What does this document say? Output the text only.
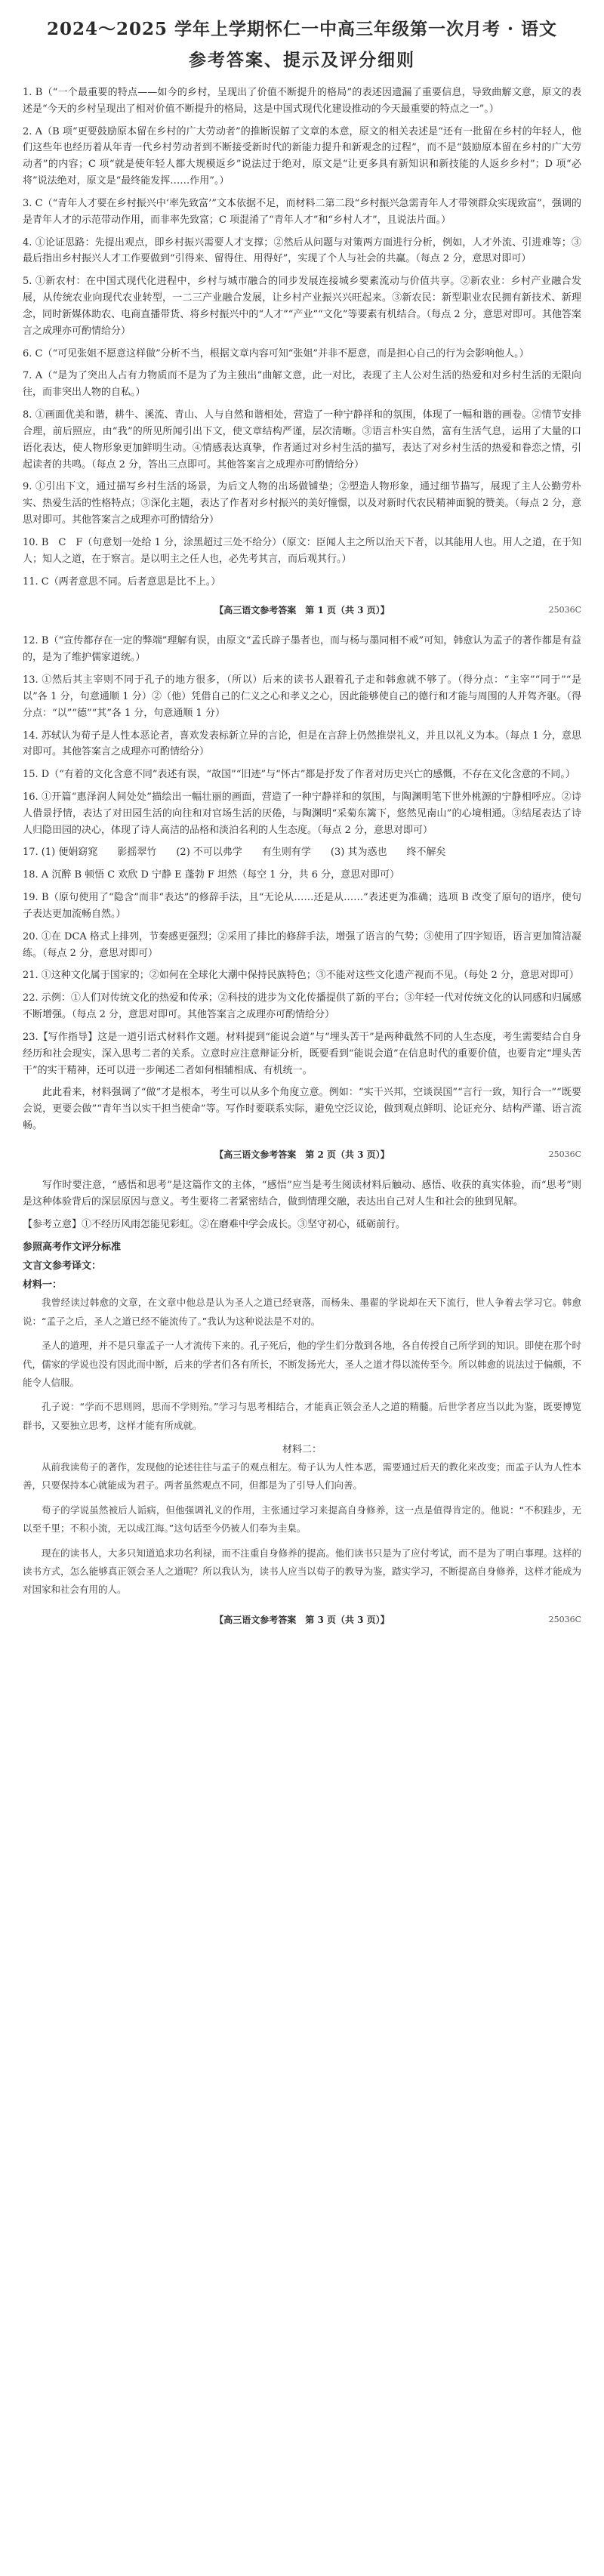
2024～2025 学年上学期怀仁一中高三年级第一次月考 · 语文
参考答案、提示及评分细则

1. B（“一个最重要的特点——如今的乡村，呈现出了价值不断提升的格局”的表述因遗漏了重要信息，导致曲解文意，原文的表述是“今天的乡村呈现出了相对价值不断提升的格局，这是中国式现代化建设推动的今天最重要的特点之一”。）

2. A（B 项“更要鼓励原本留在乡村的广大劳动者”的推断误解了文章的本意，原文的相关表述是“还有一批留在乡村的年轻人，他们这些年也经历着从年青一代乡村劳动者到不断接受新时代的新能力提升和新观念的过程”，而不是“鼓励原本留在乡村的广大劳动者”的内容；C 项“就是使年轻人都大规模返乡”说法过于绝对，原文是“让更多具有新知识和新技能的人返乡乡村”；D 项“必将”说法绝对，原文是“最终能发挥……作用”。）

3. C（“青年人才要在乡村振兴中‘率先致富’”文本依据不足，而材料二第二段“乡村振兴急需青年人才带领群众实现致富”，强调的是青年人才的示范带动作用，而非率先致富；C 项混淆了“青年人才”和“乡村人才”，且说法片面。）

4. ①论证思路：先提出观点，即乡村振兴需要人才支撑；②然后从问题与对策两方面进行分析，例如，人才外流、引进难等；③最后指出乡村振兴人才工作要做到“引得来、留得住、用得好”，实现了个人与社会的共赢。（每点 2 分，意思对即可）

5. ①新农村：在中国式现代化进程中，乡村与城市融合的同步发展连接城乡要素流动与价值共享。②新农业：乡村产业融合发展，从传统农业向现代农业转型，一二三产业融合发展，让乡村产业振兴兴旺起来。③新农民：新型职业农民拥有新技术、新理念，同时新媒体助农、电商直播带货、将乡村振兴中的“人才”“产业”“文化”等要素有机结合。（每点 2 分，意思对即可。其他答案言之成理亦可酌情给分）

6. C（“可见张姐不愿意这样做”分析不当，根据文章内容可知“张姐”并非不愿意，而是担心自己的行为会影响他人。）

7. A（“是为了突出人占有力物质而不是为了为主独出”曲解文意，此一对比，表现了主人公对生活的热爱和对乡村生活的无限向往，而非突出人物的自私。）

8. ①画面优美和谐，耕牛、溪流、青山、人与自然和谐相处，营造了一种宁静祥和的氛围，体现了一幅和谐的画卷。②情节安排合理，前后照应，由“我”的所见所闻引出下文，使文章结构严谨，层次清晰。③语言朴实自然，富有生活气息，运用了大量的口语化表达，使人物形象更加鲜明生动。④情感表达真挚，作者通过对乡村生活的描写，表达了对乡村生活的热爱和眷恋之情，引起读者的共鸣。（每点 2 分，答出三点即可。其他答案言之成理亦可酌情给分）

9. ①引出下文，通过描写乡村生活的场景，为后文人物的出场做铺垫；②塑造人物形象，通过细节描写，展现了主人公勤劳朴实、热爱生活的性格特点；③深化主题，表达了作者对乡村振兴的美好憧憬，以及对新时代农民精神面貌的赞美。（每点 2 分，意思对即可。其他答案言之成理亦可酌情给分）

10. B　C　F（句意划一处给 1 分，涂黑超过三处不给分）（原文：臣闻人主之所以治天下者，以其能用人也。用人之道，在于知人；知人之道，在于察言。是以明主之任人也，必先考其言，而后观其行。）

11. C（两者意思不同。后者意思是比不上。）

【高三语文参考答案　第 1 页（共 3 页）】	25036C

12. B（“宣传都存在一定的弊端”理解有误，由原文“孟氏辟子墨者也，而与杨与墨同相不戒”可知，韩愈认为孟子的著作都是有益的，是为了维护儒家道统。）

13. ①然后其主宰则不同于孔子的地方很多，（所以）后来的读书人跟着孔子走和韩愈就不够了。（得分点：“主宰”“同于”“是以”各 1 分，句意通顺 1 分）②（他）凭借自己的仁义之心和孝义之心，因此能够使自己的德行和才能与周围的人并驾齐驱。（得分点：“以”“德”“其”各 1 分，句意通顺 1 分）

14. 苏轼认为荀子是人性本恶论者，喜欢发表标新立异的言论，但是在言辞上仍然推崇礼义，并且以礼义为本。（每点 1 分，意思对即可。其他答案言之成理亦可酌情给分）

15. D（“有着的文化含意不同”表述有误，“故国”“旧迹”与“怀古”都是抒发了作者对历史兴亡的感慨，不存在文化含意的不同。）

16. ①开篇“惠泽润人间处处”描绘出一幅壮丽的画面，营造了一种宁静祥和的氛围，与陶渊明笔下世外桃源的宁静相呼应。②诗人借景抒情，表达了对田园生活的向往和对官场生活的厌倦，与陶渊明“采菊东篱下，悠然见南山”的心境相通。③结尾表达了诗人归隐田园的决心，体现了诗人高洁的品格和淡泊名利的人生态度。（每点 2 分，意思对即可）

17. (1) 便娟窈窕　　影摇翠竹　　(2) 不可以弗学　　有生则有学　　(3) 其为惑也　　终不解矣

18. A 沉醉 B 顿悟 C 欢欣 D 宁静 E 蓬勃 F 坦然（每空 1 分，共 6 分，意思对即可）

19. B（原句使用了“隐含”而非“表达”的修辞手法，且“无论从……还是从……”表述更为准确；选项 B 改变了原句的语序，使句子表达更加流畅自然。）

20. ①在 DCA 格式上排列，节奏感更强烈；②采用了排比的修辞手法，增强了语言的气势；③使用了四字短语，语言更加简洁凝练。（每点 2 分，意思对即可）

21. ①这种文化属于国家的；②如何在全球化大潮中保持民族特色；③不能对这些文化遗产视而不见。（每处 2 分，意思对即可）

22. 示例：①人们对传统文化的热爱和传承；②科技的进步为文化传播提供了新的平台；③年轻一代对传统文化的认同感和归属感不断增强。（每点 2 分，意思对即可。其他答案言之成理亦可酌情给分）

23.【写作指导】这是一道引语式材料作文题。材料提到“能说会道”与“埋头苦干”是两种截然不同的人生态度，考生需要结合自身经历和社会现实，深入思考二者的关系。立意时应注意辩证分析，既要看到“能说会道”在信息时代的重要价值，也要肯定“埋头苦干”的实干精神，还可以进一步阐述二者如何相辅相成、有机统一。

此此看来，材料强调了“做”才是根本，考生可以从多个角度立意。例如：“实干兴邦，空谈误国”“言行一致，知行合一”“既要会说，更要会做”“青年当以实干担当使命”等。写作时要联系实际，避免空泛议论，做到观点鲜明、论证充分、结构严谨、语言流畅。

【高三语文参考答案　第 2 页（共 3 页）】	25036C

写作时要注意，“感悟和思考”是这篇作文的主体，“感悟”应当是考生阅读材料后触动、感悟、收获的真实体验，而“思考”则是这种体验背后的深层原因与意义。考生要将二者紧密结合，做到情理交融，表达出自己对人生和社会的独到见解。

【参考立意】①不经历风雨怎能见彩虹。②在磨难中学会成长。③坚守初心，砥砺前行。

参照高考作文评分标准
文言文参考译文：
材料一：

我曾经读过韩愈的文章，在文章中他总是认为圣人之道已经衰落，而杨朱、墨翟的学说却在天下流行，世人争着去学习它。韩愈说：“孟子之后，圣人之道已经不能流传了。”我认为这种说法是不对的。

圣人的道理，并不是只靠孟子一人才流传下来的。孔子死后，他的学生们分散到各地，各自传授自己所学到的知识。即使在那个时代，儒家的学说也没有因此而中断，后来的学者们各有所长，不断发扬光大，圣人之道才得以流传至今。所以韩愈的说法过于偏颇，不能令人信服。

孔子说：“学而不思则罔，思而不学则殆。”学习与思考相结合，才能真正领会圣人之道的精髓。后世学者应当以此为鉴，既要博览群书，又要独立思考，这样才能有所成就。

材料二：

从前我读荀子的著作，发现他的论述往往与孟子的观点相左。荀子认为人性本恶，需要通过后天的教化来改变；而孟子认为人性本善，只要保持本心就能成为君子。两者虽然观点不同，但都是为了引导人们向善。

荀子的学说虽然被后人诟病，但他强调礼义的作用，主张通过学习来提高自身修养，这一点是值得肯定的。他说：“不积跬步，无以至千里；不积小流，无以成江海。”这句话至今仍被人们奉为圭臬。

现在的读书人，大多只知道追求功名利禄，而不注重自身修养的提高。他们读书只是为了应付考试，而不是为了明白事理。这样的读书方式，怎么能够真正领会圣人之道呢？所以我认为，读书人应当以荀子的教导为鉴，踏实学习，不断提高自身修养，这样才能成为对国家和社会有用的人。

【高三语文参考答案　第 3 页（共 3 页）】	25036C
